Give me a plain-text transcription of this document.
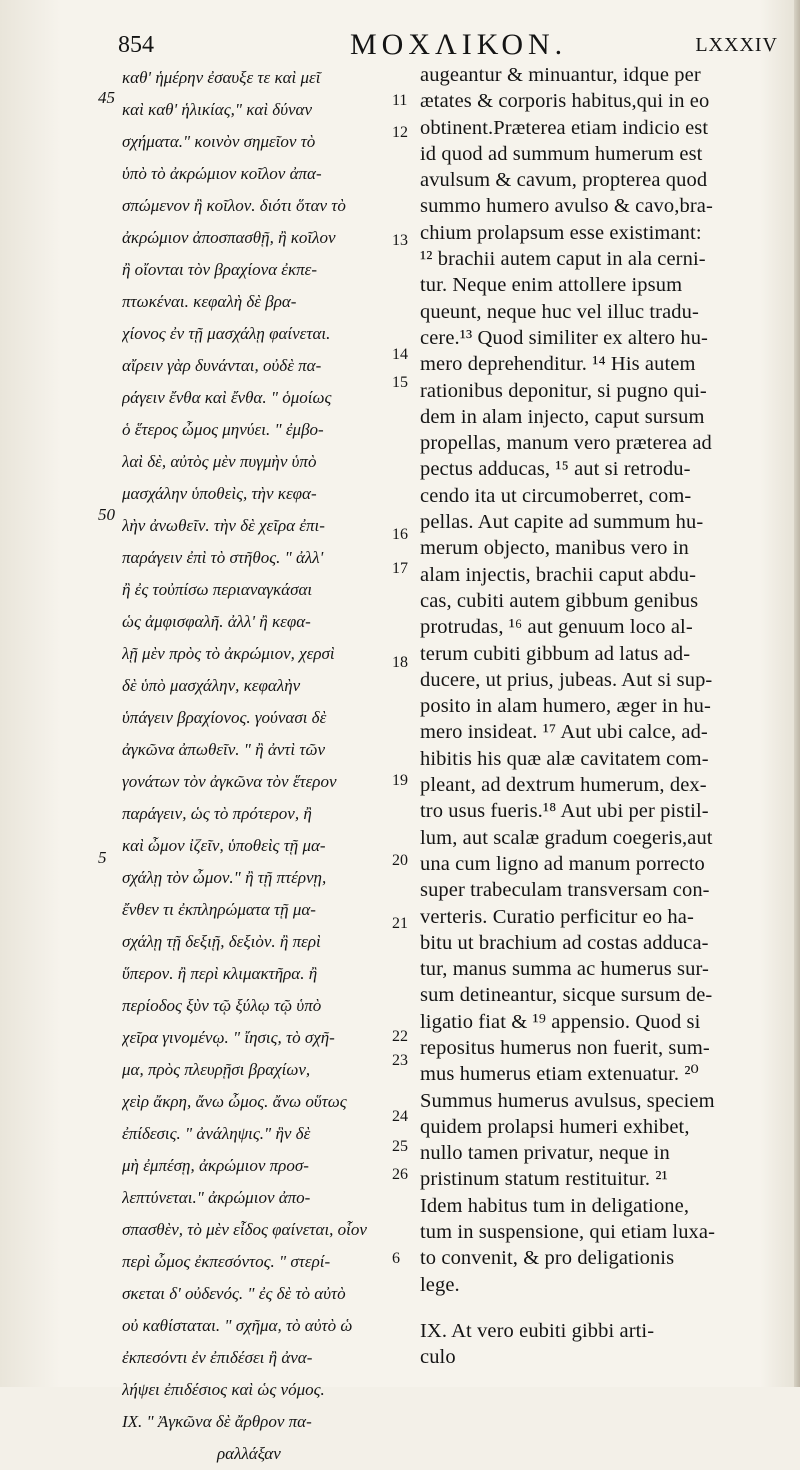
854	ΜΟΧΛΙΚΟΝ.	LXXXIV
καθ' ἡμέρην ἐσαυξε τε καὶ μεῖ
καὶ καθ' ἡλικίας," καὶ δύναν
σχήματα." κοινὸν σημεῖον τὸ
ὑπὸ τὸ ἀκρώμιον κοῖλον ἀπα-
σπώμενον ἢ κοῖλον. διότι ὅταν τὸ
ἀκρώμιον ἀποσπασθῇ, ἢ κοῖλον
ἢ οἴονται τὸν βραχίονα ἐκπε-
πτωκέναι. κεφαλὴ δὲ βρα-
χίονος ἐν τῇ μασχάλῃ φαίνεται.
αἴρειν γὰρ δυνάνται, οὐδὲ πα-
ράγειν ἔνθα καὶ ἔνθα. " ὁμοίως
ὁ ἕτερος ὦμος μηνύει. " ἐμβο-
λαὶ δὲ, αὐτὸς μὲν πυγμὴν ὑπὸ
μασχάλην ὑποθεὶς, τὴν κεφα-
λὴν ἀνωθεῖν. τὴν δὲ χεῖρα ἐπι-
παράγειν ἐπὶ τὸ στῆθος. " ἀλλ'
ἢ ἐς τοὐπίσω περιαναγκάσαι
ὡς ἀμφισφαλῆ. ἀλλ' ἢ κεφα-
λῇ μὲν πρὸς τὸ ἀκρώμιον, χερσὶ
δὲ ὑπὸ μασχάλην, κεφαλὴν
ὑπάγειν βραχίονος. γούνασι δὲ
ἀγκῶνα ἀπωθεῖν. " ἢ ἀντὶ τῶν
γονάτων τὸν ἀγκῶνα τὸν ἕτερον
παράγειν, ὡς τὸ πρότερον, ἢ
καὶ ὦμον ἰζεῖν, ὑποθεὶς τῇ μα-
σχάλῃ τὸν ὦμον." ἢ τῇ πτέρνῃ,
ἔνθεν τι ἐκπληρώματα τῇ μα-
σχάλῃ τῇ δεξιῇ, δεξιὸν. ἢ περὶ
ὕπερον. ἢ περὶ κλιμακτῆρα. ἢ
περίοδος ξὺν τῷ ξύλῳ τῷ ὑπὸ
χεῖρα γινομένῳ. " ἴησις, τὸ σχῆ-
μα, πρὸς πλευρῇσι βραχίων,
χεὶρ ἄκρη, ἄνω ὦμος. ἄνω οὕτως
ἐπίδεσις. " ἀνάληψις." ἣν δὲ
μὴ ἐμπέσῃ, ἀκρώμιον προσ-
λεπτύνεται." ἀκρώμιον ἀπο-
σπασθὲν, τὸ μὲν εἶδος φαίνεται, οἷον
περὶ ὦμος ἐκπεσόντος. " στερί-
σκεται δ' οὐδενός. " ἐς δὲ τὸ αὐτὸ
οὐ καθίσταται. " σχῆμα, τὸ αὐτὸ ὡ
ἐκπεσόντι ἐν ἐπιδέσει ἢ ἀνα-
λήψει ἐπιδέσιος καὶ ὡς νόμος.
ΙΧ. " Ἀγκῶνα δὲ ἄρθρον πα-
ραλλάξαν
augeantur & minuantur, idque per
ætates & corporis habitus,qui in eo
obtinent.Præterea etiam indicio est
id quod ad summum humerum est
avulsum & cavum, propterea quod
summo humero avulso & cavo,bra-
chium prolapsum esse existimant:
¹² brachii autem caput in ala cerni-
tur. Neque enim attollere ipsum
queunt, neque huc vel illuc tradu-
cere.¹³ Quod similiter ex altero hu-
mero deprehenditur. ¹⁴ His autem
rationibus deponitur, si pugno qui-
dem in alam injecto, caput sursum
propellas, manum vero præterea ad
pectus adducas, ¹⁵ aut si retrodu-
cendo ita ut circumoberret, com-
pellas. Aut capite ad summum hu-
merum objecto, manibus vero in
alam injectis, brachii caput abdu-
cas, cubiti autem gibbum genibus
protrudas, ¹⁶ aut genuum loco al-
terum cubiti gibbum ad latus ad-
ducere, ut prius, jubeas. Aut si sup-
posito in alam humero, æger in hu-
mero insideat. ¹⁷ Aut ubi calce, ad-
hibitis his quæ alæ cavitatem com-
pleant, ad dextrum humerum, dex-
tro usus fueris.¹⁸ Aut ubi per pistil-
lum, aut scalæ gradum coegeris,aut
una cum ligno ad manum porrecto
super trabeculam transversam con-
verteris. Curatio perficitur eo ha-
bitu ut brachium ad costas adduca-
tur, manus summa ac humerus sur-
sum detineantur, sicque sursum de-
ligatio fiat & ¹⁹ appensio. Quod si
repositus humerus non fuerit, sum-
mus humerus etiam extenuatur. ²⁰
Summus humerus avulsus, speciem
quidem prolapsi humeri exhibet,
nullo tamen privatur, neque in
pristinum statum restituitur. ²¹
Idem habitus tum in deligatione,
tum in suspensione, qui etiam luxa-
to convenit, & pro deligationis
lege.
IX. At vero eubiti gibbi arti-
culo
45
50
5
11
12
13
14
15
16
17
18
19
20
21
22
23
24
25
26
6
